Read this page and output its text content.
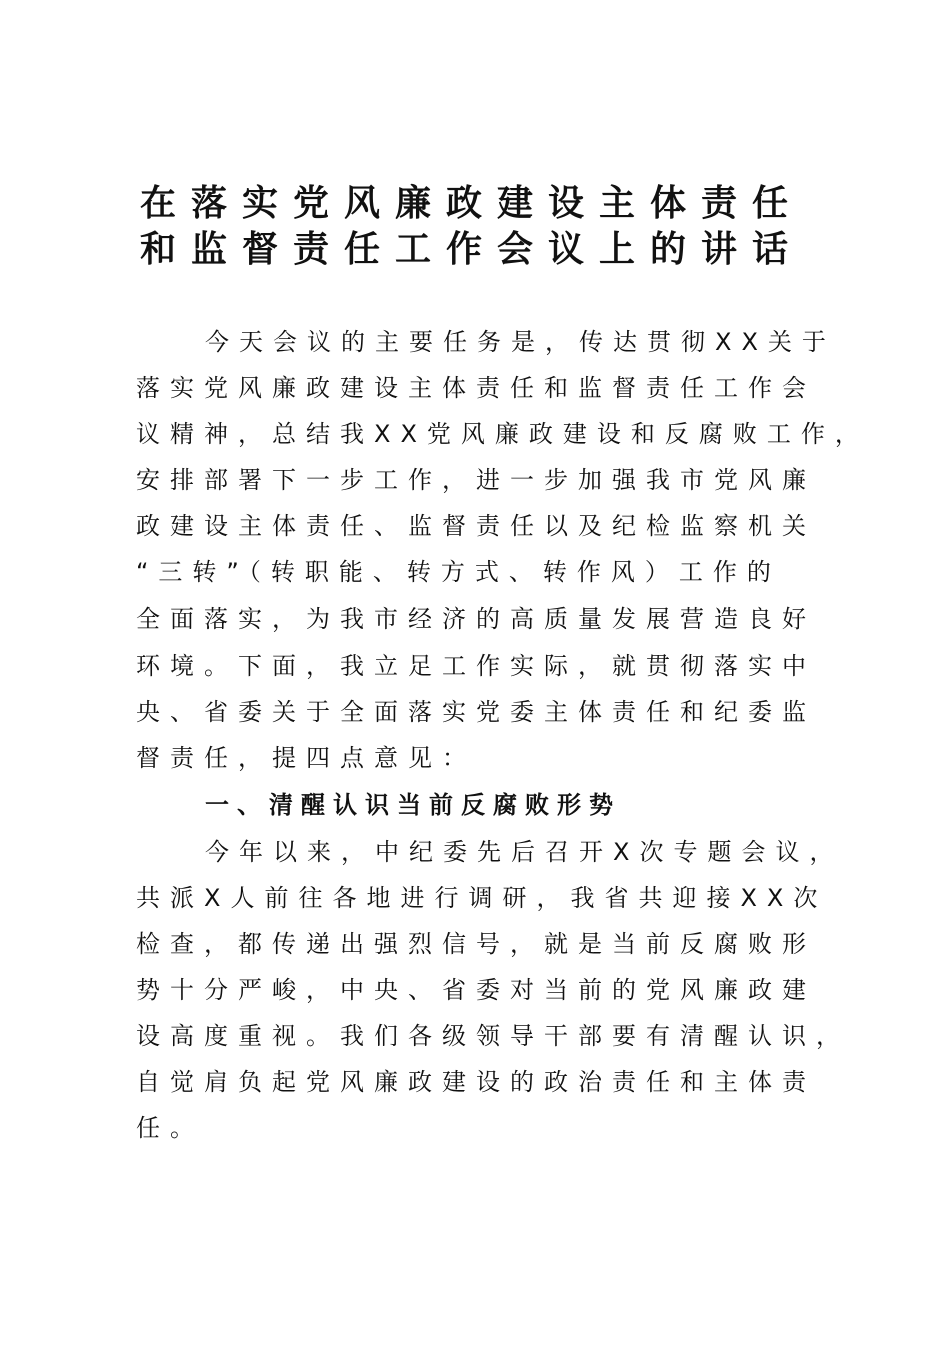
在落实党风廉政建设主体责任
和监督责任工作会议上的讲话
今天会议的主要任务是，传达贯彻XX关于
落实党风廉政建设主体责任和监督责任工作会
议精神，总结我XX党风廉政建设和反腐败工作，
安排部署下一步工作，进一步加强我市党风廉
政建设主体责任、监督责任以及纪检监察机关
“三转”（转职能、转方式、转作风）工作的
全面落实，为我市经济的高质量发展营造良好
环境。下面，我立足工作实际，就贯彻落实中
央、省委关于全面落实党委主体责任和纪委监
督责任，提四点意见：
一、清醒认识当前反腐败形势
今年以来，中纪委先后召开X次专题会议，
共派X人前往各地进行调研，我省共迎接XX次
检查，都传递出强烈信号，就是当前反腐败形
势十分严峻，中央、省委对当前的党风廉政建
设高度重视。我们各级领导干部要有清醒认识，
自觉肩负起党风廉政建设的政治责任和主体责
任。
